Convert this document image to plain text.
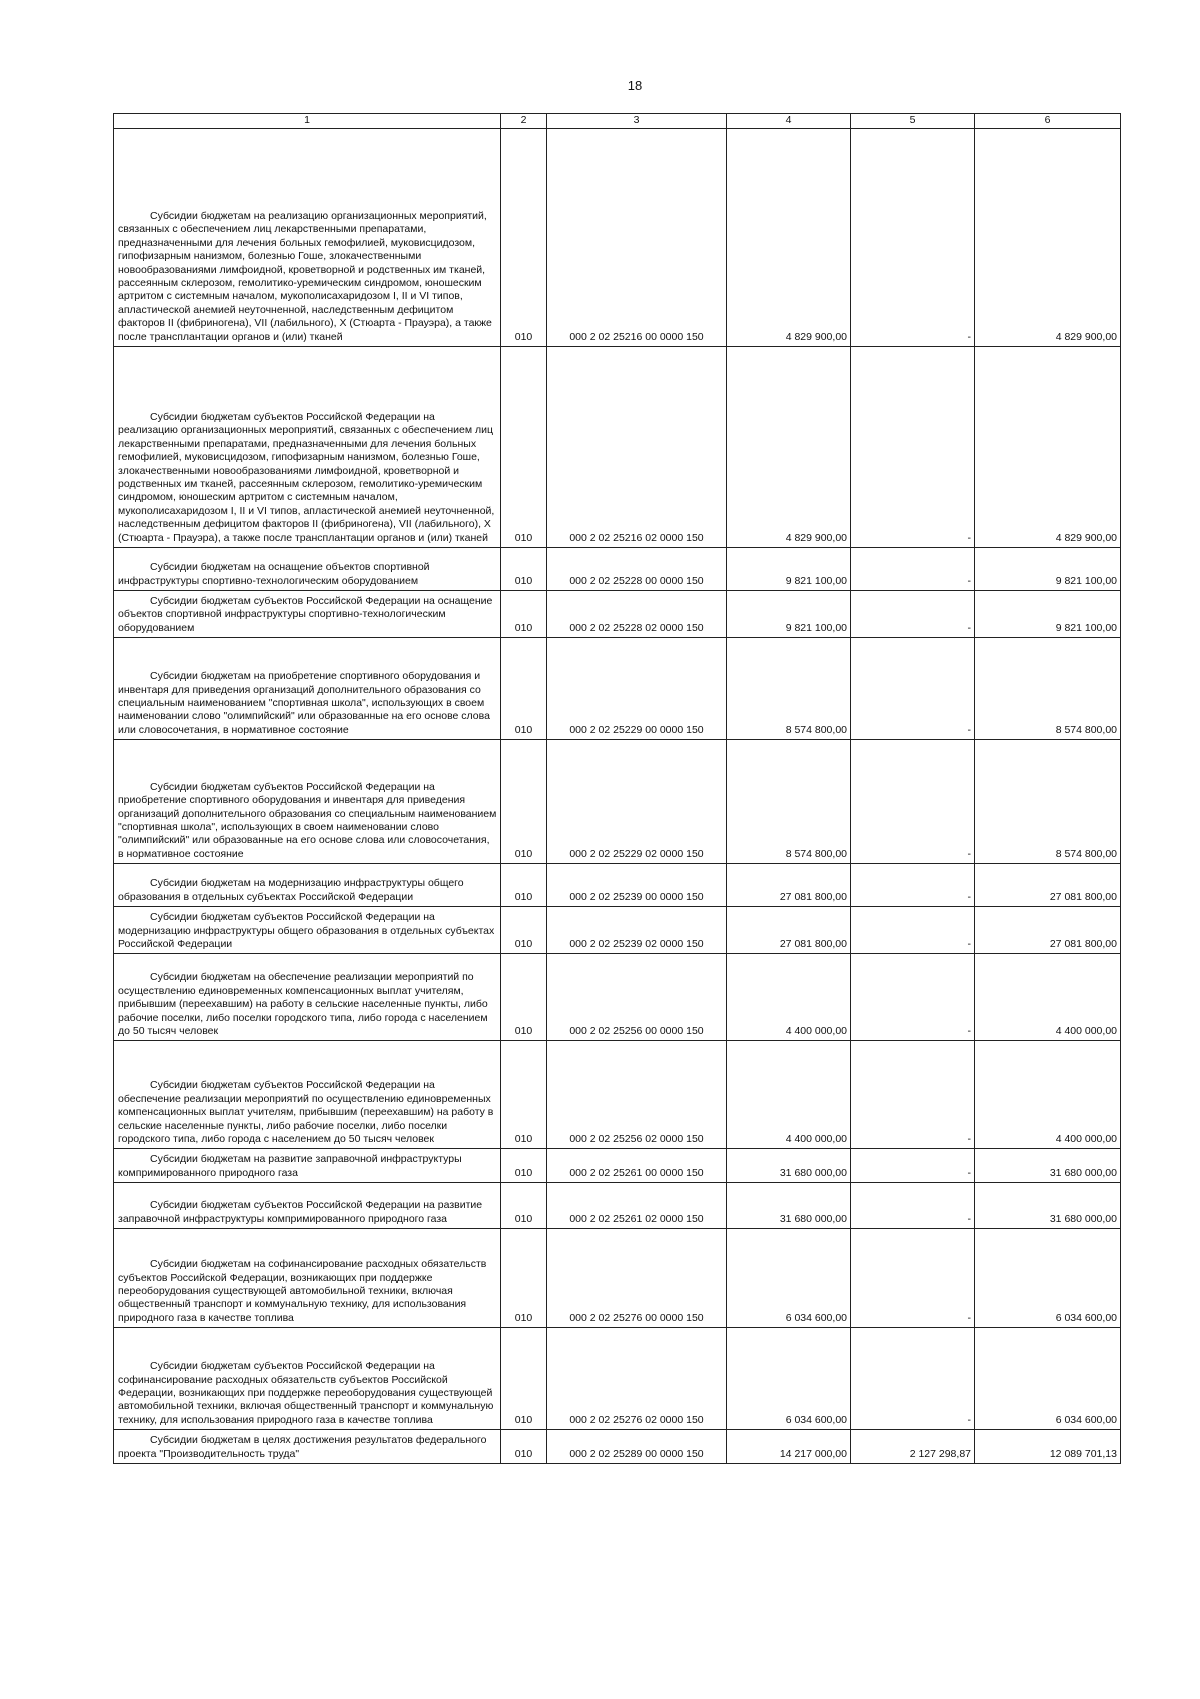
18
1	2	3	4	5	6

Субсидии бюджетам на реализацию организационных мероприятий, связанных с обеспечением лиц лекарственными препаратами, предназначенными для лечения больных гемофилией, муковисцидозом, гипофизарным нанизмом, болезнью Гоше, злокачественными новообразованиями лимфоидной, кроветворной и родственных им тканей, рассеянным склерозом, гемолитико-уремическим синдромом, юношеским артритом с системным началом, мукополисахаридозом I, II и VI типов, апластической анемией неуточненной, наследственным дефицитом факторов II (фибриногена), VII (лабильного), X (Стюарта - Прауэра), а также после трансплантации органов и (или) тканей	010	000 2 02 25216 00 0000 150	4 829 900,00	-	4 829 900,00

Субсидии бюджетам субъектов Российской Федерации на реализацию организационных мероприятий, связанных с обеспечением лиц лекарственными препаратами, предназначенными для лечения больных гемофилией, муковисцидозом, гипофизарным нанизмом, болезнью Гоше, злокачественными новообразованиями лимфоидной, кроветворной и родственных им тканей, рассеянным склерозом, гемолитико-уремическим синдромом, юношеским артритом с системным началом, мукополисахаридозом I, II и VI типов, апластической анемией неуточненной, наследственным дефицитом факторов II (фибриногена), VII (лабильного), X (Стюарта - Прауэра), а также после трансплантации органов и (или) тканей	010	000 2 02 25216 02 0000 150	4 829 900,00	-	4 829 900,00

Субсидии бюджетам на оснащение объектов спортивной инфраструктуры спортивно-технологическим оборудованием	010	000 2 02 25228 00 0000 150	9 821 100,00	-	9 821 100,00

Субсидии бюджетам субъектов Российской Федерации на оснащение объектов спортивной инфраструктуры спортивно-технологическим оборудованием	010	000 2 02 25228 02 0000 150	9 821 100,00	-	9 821 100,00

Субсидии бюджетам на приобретение спортивного оборудования и инвентаря для приведения организаций дополнительного образования со специальным наименованием "спортивная школа", использующих в своем наименовании слово "олимпийский" или образованные на его основе слова или словосочетания, в нормативное состояние	010	000 2 02 25229 00 0000 150	8 574 800,00	-	8 574 800,00

Субсидии бюджетам субъектов Российской Федерации на приобретение спортивного оборудования и инвентаря для приведения организаций дополнительного образования со специальным наименованием "спортивная школа", использующих в своем наименовании слово "олимпийский" или образованные на его основе слова или словосочетания, в нормативное состояние	010	000 2 02 25229 02 0000 150	8 574 800,00	-	8 574 800,00

Субсидии бюджетам на модернизацию инфраструктуры общего образования в отдельных субъектах Российской Федерации	010	000 2 02 25239 00 0000 150	27 081 800,00	-	27 081 800,00

Субсидии бюджетам субъектов Российской Федерации на модернизацию инфраструктуры общего образования в отдельных субъектах Российской Федерации	010	000 2 02 25239 02 0000 150	27 081 800,00	-	27 081 800,00

Субсидии бюджетам на обеспечение реализации мероприятий по осуществлению единовременных компенсационных выплат учителям, прибывшим (переехавшим) на работу в сельские населенные пункты, либо рабочие поселки, либо поселки городского типа, либо города с населением до 50 тысяч человек	010	000 2 02 25256 00 0000 150	4 400 000,00	-	4 400 000,00

Субсидии бюджетам субъектов Российской Федерации на обеспечение реализации мероприятий по осуществлению единовременных компенсационных выплат учителям, прибывшим (переехавшим) на работу в сельские населенные пункты, либо рабочие поселки, либо поселки городского типа, либо города с населением до 50 тысяч человек	010	000 2 02 25256 02 0000 150	4 400 000,00	-	4 400 000,00

Субсидии бюджетам на развитие заправочной инфраструктуры компримированного природного газа	010	000 2 02 25261 00 0000 150	31 680 000,00	-	31 680 000,00

Субсидии бюджетам субъектов Российской Федерации на развитие заправочной инфраструктуры компримированного природного газа	010	000 2 02 25261 02 0000 150	31 680 000,00	-	31 680 000,00

Субсидии бюджетам на софинансирование расходных обязательств субъектов Российской Федерации, возникающих при поддержке переоборудования существующей автомобильной техники, включая общественный транспорт и коммунальную технику, для использования природного газа в качестве топлива	010	000 2 02 25276 00 0000 150	6 034 600,00	-	6 034 600,00

Субсидии бюджетам субъектов Российской Федерации на софинансирование расходных обязательств субъектов Российской Федерации, возникающих при поддержке переоборудования существующей автомобильной техники, включая общественный транспорт и коммунальную технику, для использования природного газа в качестве топлива	010	000 2 02 25276 02 0000 150	6 034 600,00	-	6 034 600,00

Субсидии бюджетам в целях достижения результатов федерального проекта "Производительность труда"	010	000 2 02 25289 00 0000 150	14 217 000,00	2 127 298,87	12 089 701,13
